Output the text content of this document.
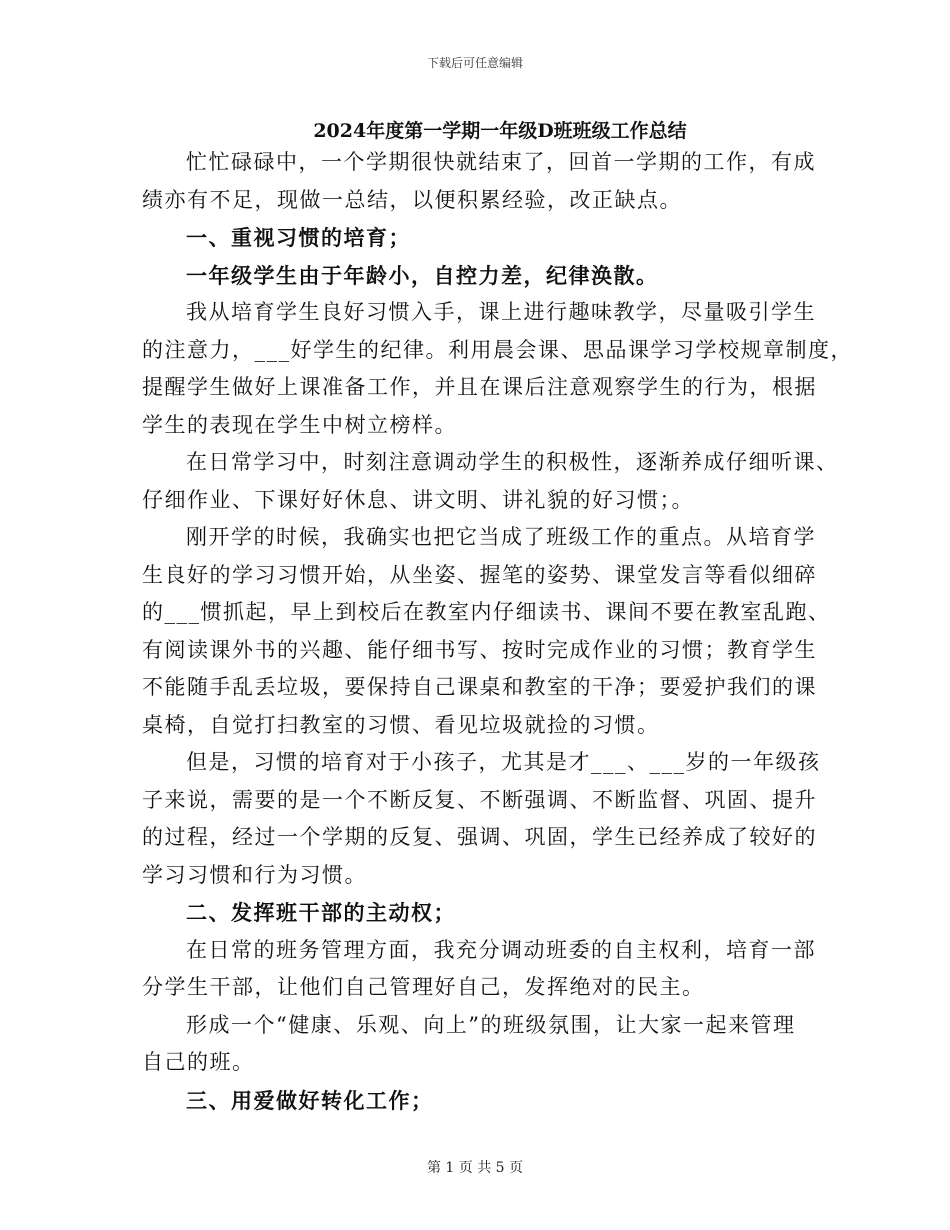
下载后可任意编辑
2024年度第一学期一年级D班班级工作总结
忙忙碌碌中，一个学期很快就结束了，回首一学期的工作，有成
绩亦有不足，现做一总结，以便积累经验，改正缺点。
一、重视习惯的培育；
一年级学生由于年龄小，自控力差，纪律涣散。
我从培育学生良好习惯入手，课上进行趣味教学，尽量吸引学生
的注意力，___好学生的纪律。利用晨会课、思品课学习学校规章制度，
提醒学生做好上课准备工作，并且在课后注意观察学生的行为，根据
学生的表现在学生中树立榜样。
在日常学习中，时刻注意调动学生的积极性，逐渐养成仔细听课、
仔细作业、下课好好休息、讲文明、讲礼貌的好习惯；。
刚开学的时候，我确实也把它当成了班级工作的重点。从培育学
生良好的学习习惯开始，从坐姿、握笔的姿势、课堂发言等看似细碎
的___惯抓起，早上到校后在教室内仔细读书、课间不要在教室乱跑、
有阅读课外书的兴趣、能仔细书写、按时完成作业的习惯；教育学生
不能随手乱丢垃圾，要保持自己课桌和教室的干净；要爱护我们的课
桌椅，自觉打扫教室的习惯、看见垃圾就捡的习惯。
但是，习惯的培育对于小孩子，尤其是才___、___岁的一年级孩
子来说，需要的是一个不断反复、不断强调、不断监督、巩固、提升
的过程，经过一个学期的反复、强调、巩固，学生已经养成了较好的
学习习惯和行为习惯。
二、发挥班干部的主动权；
在日常的班务管理方面，我充分调动班委的自主权利，培育一部
分学生干部，让他们自己管理好自己，发挥绝对的民主。
形成一个“健康、乐观、向上”的班级氛围，让大家一起来管理
自己的班。
三、用爱做好转化工作；
第 1 页 共 5 页
